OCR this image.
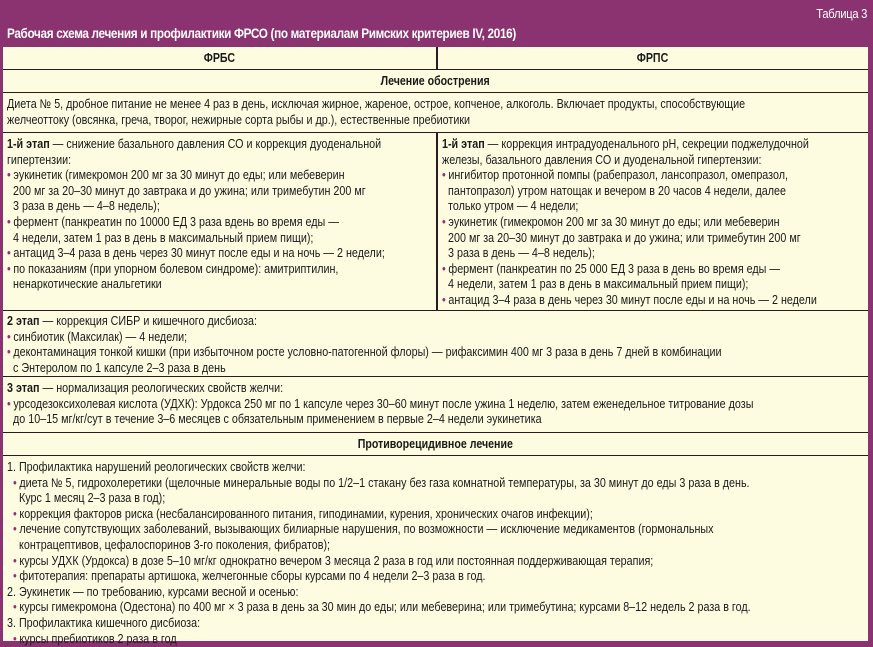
Таблица 3
Рабочая схема лечения и профилактики ФРСО (по материалам Римских критериев IV, 2016)
ФРБС	ФРПС
Лечение обострения
Диета № 5, дробное питание не менее 4 раз в день, исключая жирное, жареное, острое, копченое, алкоголь. Включает продукты, способствующие
желчеоттоку (овсянка, греча, творог, нежирные сорта рыбы и др.), естественные пребиотики
1-й этап — снижение базального давления СО и коррекция дуоденальной
гипертензии:
• эукинетик (гимекромон 200 мг за 30 минут до еды; или мебеверин
200 мг за 20–30 минут до завтрака и до ужина; или тримебутин 200 мг
3 раза в день — 4–8 недель);
• фермент (панкреатин по 10000 ЕД 3 раза вдень во время еды —
4 недели, затем 1 раз в день в максимальный прием пищи);
• антацид 3–4 раза в день через 30 минут после еды и на ночь — 2 недели;
• по показаниям (при упорном болевом синдроме): амитриптилин,
ненаркотические анальгетики
1-й этап — коррекция интрадуоденального pH, секреции поджелудочной
железы, базального давления СО и дуоденальной гипертензии:
• ингибитор протонной помпы (рабепразол, лансопразол, омепразол,
пантопразол) утром натощак и вечером в 20 часов 4 недели, далее
только утром — 4 недели;
• эукинетик (гимекромон 200 мг за 30 минут до еды; или мебеверин
200 мг за 20–30 минут до завтрака и до ужина; или тримебутин 200 мг
3 раза в день — 4–8 недель);
• фермент (панкреатин по 25 000 ЕД 3 раза в день во время еды —
4 недели, затем 1 раз в день в максимальный прием пищи);
• антацид 3–4 раза в день через 30 минут после еды и на ночь — 2 недели
2 этап — коррекция СИБР и кишечного дисбиоза:
• синбиотик (Максилак) — 4 недели;
• деконтаминация тонкой кишки (при избыточном росте условно-патогенной флоры) — рифаксимин 400 мг 3 раза в день 7 дней в комбинации
с Энтеролом по 1 капсуле 2–3 раза в день
3 этап — нормализация реологических свойств желчи:
• урсодезоксихолевая кислота (УДХК): Урдокса 250 мг по 1 капсуле через 30–60 минут после ужина 1 неделю, затем еженедельное титрование дозы
до 10–15 мг/кг/сут в течение 3–6 месяцев с обязательным применением в первые 2–4 недели эукинетика
Противорецидивное лечение
1. Профилактика нарушений реологических свойств желчи:
• диета № 5, гидрохолеретики (щелочные минеральные воды по 1/2–1 стакану без газа комнатной температуры, за 30 минут до еды 3 раза в день.
Курс 1 месяц 2–3 раза в год);
• коррекция факторов риска (несбалансированного питания, гиподинамии, курения, хронических очагов инфекции);
• лечение сопутствующих заболеваний, вызывающих билиарные нарушения, по возможности — исключение медикаментов (гормональных
контрацептивов, цефалоспоринов 3-го поколения, фибратов);
• курсы УДХК (Урдокса) в дозе 5–10 мг/кг однократно вечером 3 месяца 2 раза в год или постоянная поддерживающая терапия;
• фитотерапия: препараты артишока, желчегонные сборы курсами по 4 недели 2–3 раза в год.
2. Эукинетик — по требованию, курсами весной и осенью:
• курсы гимекромона (Одестона) по 400 мг × 3 раза в день за 30 мин до еды; или мебеверина; или тримебутина; курсами 8–12 недель 2 раза в год.
3. Профилактика кишечного дисбиоза:
• курсы пребиотиков 2 раза в год
